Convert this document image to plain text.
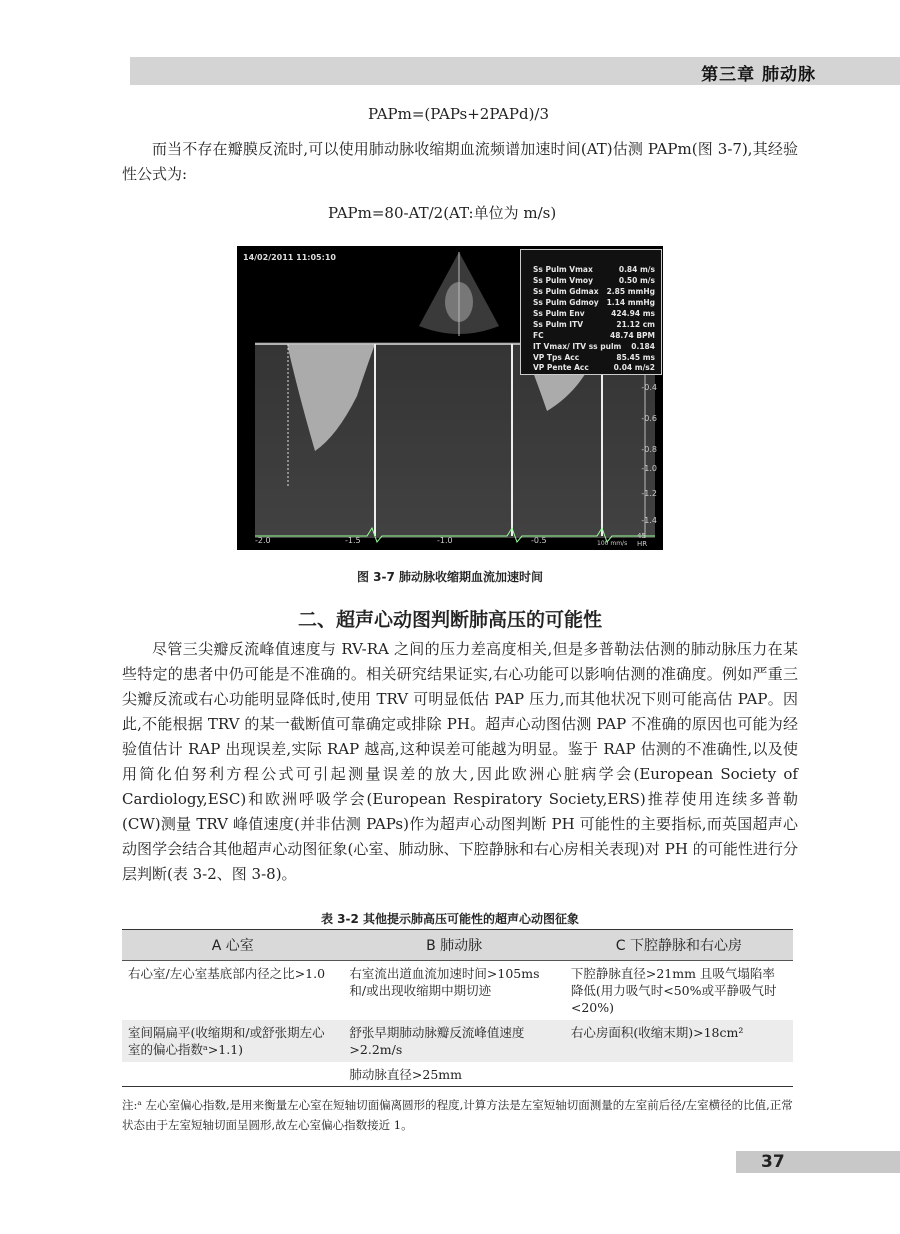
第三章 肺动脉
PAPm=(PAPs+2PAPd)/3
而当不存在瓣膜反流时,可以使用肺动脉收缩期血流频谱加速时间(AT)估测 PAPm(图 3-7),其经验性公式为:
PAPm=80-AT/2(AT:单位为 m/s)
14/02/2011 11:05:10
Ss Pulm Vmax	0.84 m/s
Ss Pulm Vmoy	0.50 m/s
Ss Pulm Gdmax 2.85 mmHg
Ss Pulm Gdmoy 1.14 mmHg
Ss Pulm Env	424.94 ms
Ss Pulm ITV	21.12 cm
FC	48.74 BPM
IT Vmax/ ITV ss pulm 0.184
VP Tps Acc	85.45 ms
VP Pente Acc	0.04 m/s2
-0.4
-0.6
-0.8
-1.0
-1.2
-1.4
-2.0	-1.5	-1.0	-0.5	100 mm/s
45 HR
图 3-7 肺动脉收缩期血流加速时间
二、超声心动图判断肺高压的可能性
尽管三尖瓣反流峰值速度与 RV-RA 之间的压力差高度相关,但是多普勒法估测的肺动脉压力在某些特定的患者中仍可能是不准确的。相关研究结果证实,右心功能可以影响估测的准确度。例如严重三尖瓣反流或右心功能明显降低时,使用 TRV 可明显低估 PAP 压力,而其他状况下则可能高估 PAP。因此,不能根据 TRV 的某一截断值可靠确定或排除 PH。超声心动图估测 PAP 不准确的原因也可能为经验值估计 RAP 出现误差,实际 RAP 越高,这种误差可能越为明显。鉴于 RAP 估测的不准确性,以及使用简化伯努利方程公式可引起测量误差的放大,因此欧洲心脏病学会(European Society of Cardiology,ESC)和欧洲呼吸学会(European Respiratory Society,ERS)推荐使用连续多普勒(CW)测量 TRV 峰值速度(并非估测 PAPs)作为超声心动图判断 PH 可能性的主要指标,而英国超声心动图学会结合其他超声心动图征象(心室、肺动脉、下腔静脉和右心房相关表现)对 PH 的可能性进行分层判断(表 3-2、图 3-8)。
表 3-2 其他提示肺高压可能性的超声心动图征象
A 心室	B 肺动脉	C 下腔静脉和右心房
右心室/左心室基底部内径之比>1.0	右室流出道血流加速时间>105ms 和/或出现收缩期中期切迹	下腔静脉直径>21mm 且吸气塌陷率降低(用力吸气时<50%或平静吸气时<20%)
室间隔扁平(收缩期和/或舒张期左心室的偏心指数ᵃ>1.1)	舒张早期肺动脉瓣反流峰值速度>2.2m/s	右心房面积(收缩末期)>18cm²
	肺动脉直径>25mm	
注:ᵃ 左心室偏心指数,是用来衡量左心室在短轴切面偏离圆形的程度,计算方法是左室短轴切面测量的左室前后径/左室横径的比值,正常状态由于左室短轴切面呈圆形,故左心室偏心指数接近 1。
37
